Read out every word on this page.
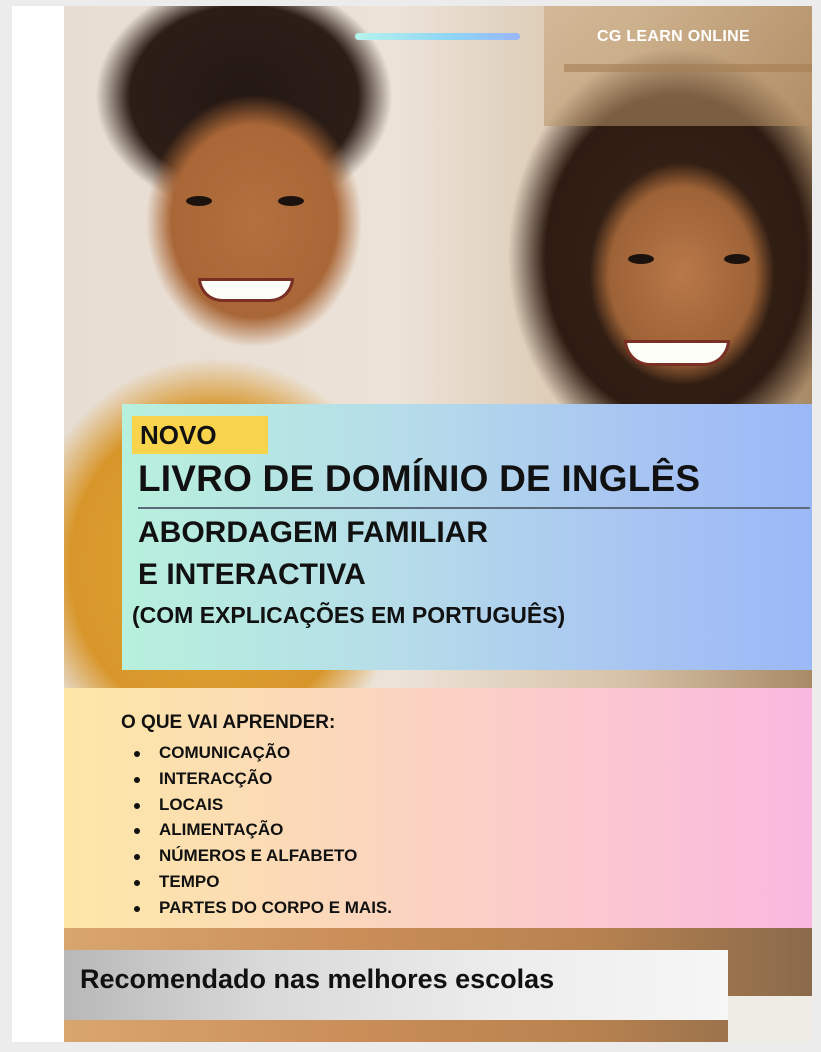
CG LEARN ONLINE
NOVO
LIVRO DE DOMÍNIO DE INGLÊS
ABORDAGEM FAMILIAR
E INTERACTIVA
(COM EXPLICAÇÕES EM PORTUGUÊS)
O QUE VAI APRENDER:
COMUNICAÇÃO
INTERACÇÃO
LOCAIS
ALIMENTAÇÃO
NÚMEROS E ALFABETO
TEMPO
PARTES DO CORPO E MAIS.
Recomendado nas melhores escolas
